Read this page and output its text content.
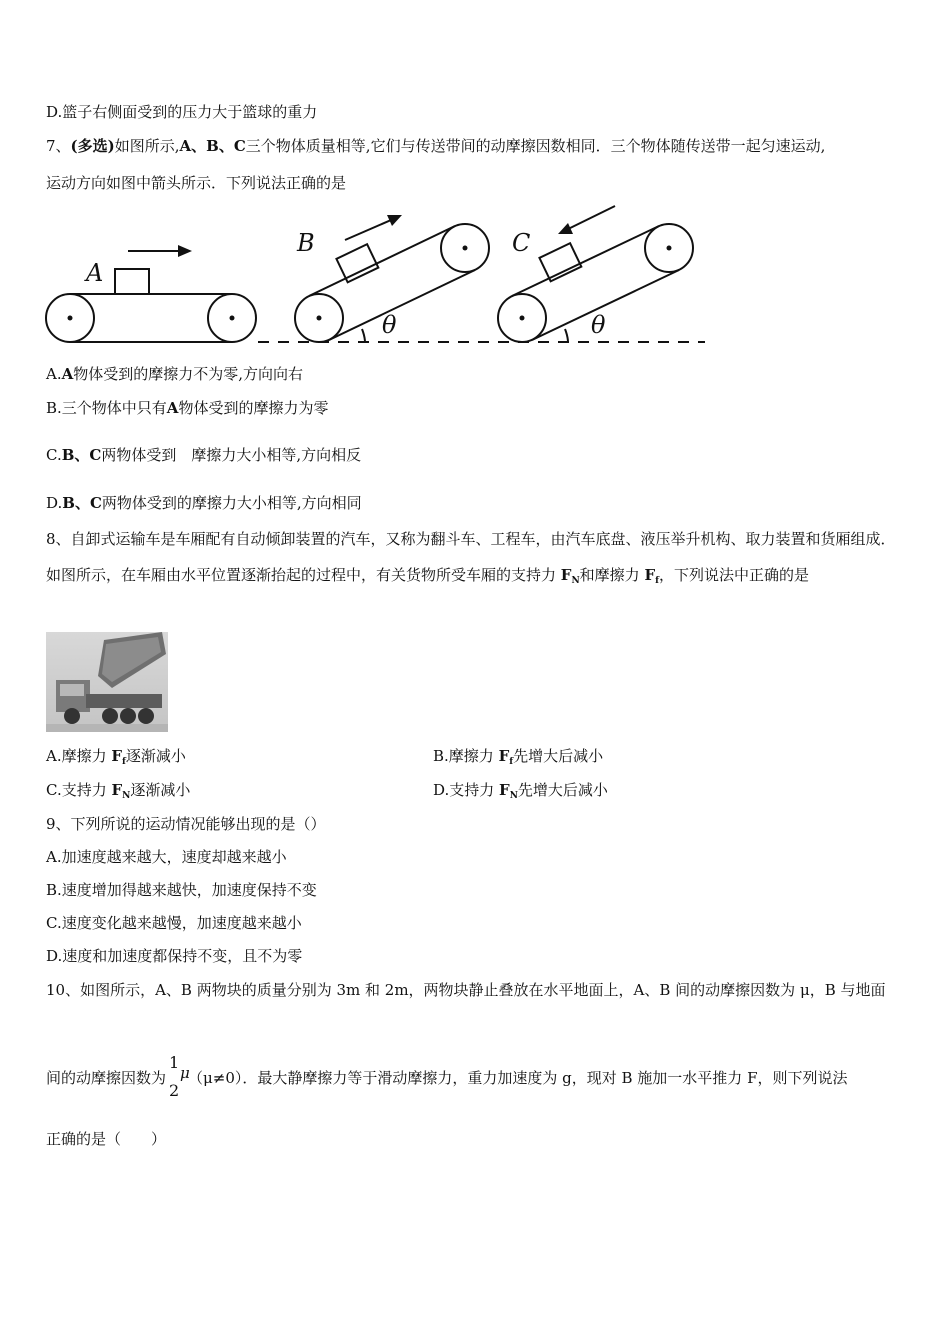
D.篮子右侧面受到的压力大于篮球的重力
7、(多选)如图所示,A、B、C三个物体质量相等,它们与传送带间的动摩擦因数相同．三个物体随传送带一起匀速运动,
运动方向如图中箭头所示．下列说法正确的是
A
B	C
θ	θ
A.A物体受到的摩擦力不为零,方向向右
B.三个物体中只有A物体受到的摩擦力为零
C.B、C两物体受到　摩擦力大小相等,方向相反
D.B、C两物体受到的摩擦力大小相等,方向相同
8、自卸式运输车是车厢配有自动倾卸装置的汽车，又称为翻斗车、工程车，由汽车底盘、液压举升机构、取力装置和货厢组成．如图所示，在车厢由水平位置逐渐抬起的过程中，有关货物所受车厢的支持力 $F_N$和摩擦力 $F_f$，下列说法中正确的是
A.摩擦力 $F_f$逐渐减小	B.摩擦力 $F_f$先增大后减小
C.支持力 $F_N$逐渐减小	D.支持力 $F_N$先增大后减小
9、下列所说的运动情况能够出现的是（）
A.加速度越来越大，速度却越来越小
B.速度增加得越来越快，加速度保持不变
C.速度变化越来越慢，加速度越来越小
D.速度和加速度都保持不变，且不为零
10、如图所示，A、B 两物块的质量分别为 3m 和 2m，两物块静止叠放在水平地面上，A、B 间的动摩擦因数为 μ，B 与地面
间的动摩擦因数为
1
2
μ
（μ≠0）．最大静摩擦力等于滑动摩擦力，重力加速度为 g，现对 B 施加一水平推力 F，则下列说法
正确的是（　　）
